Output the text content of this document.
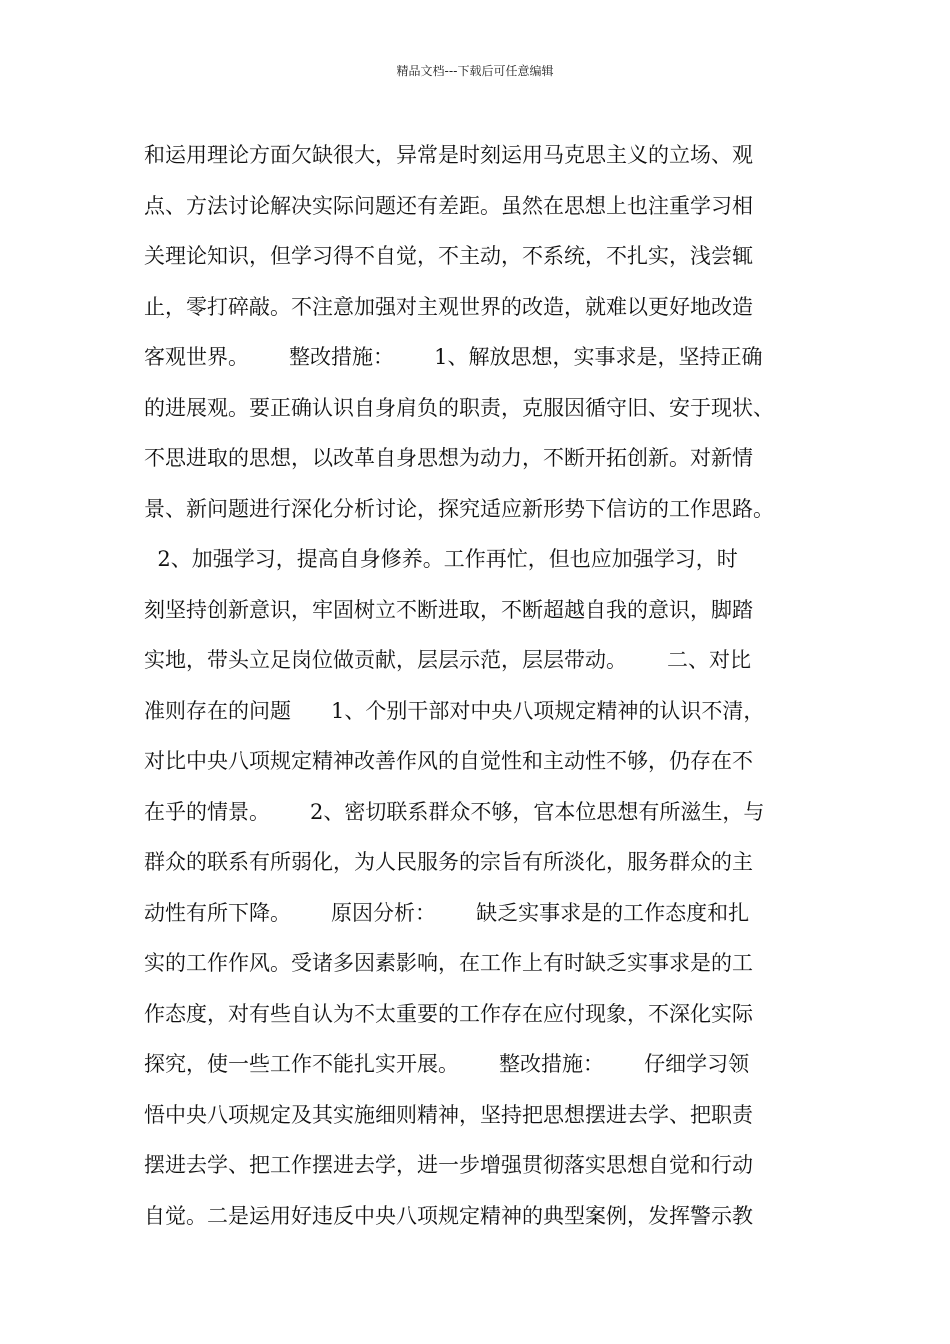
精品文档---下载后可任意编辑
和运用理论方面欠缺很大，异常是时刻运用马克思主义的立场、观
点、方法讨论解决实际问题还有差距。虽然在思想上也注重学习相
关理论知识，但学习得不自觉，不主动，不系统，不扎实，浅尝辄
止，零打碎敲。不注意加强对主观世界的改造，就难以更好地改造
客观世界。      整改措施：      1、解放思想，实事求是，坚持正确
的进展观。要正确认识自身肩负的职责，克服因循守旧、安于现状、
不思进取的思想，以改革自身思想为动力，不断开拓创新。对新情
景、新问题进行深化分析讨论，探究适应新形势下信访的工作思路。
2、加强学习，提高自身修养。工作再忙，但也应加强学习，时
刻坚持创新意识，牢固树立不断进取，不断超越自我的意识，脚踏
实地，带头立足岗位做贡献，层层示范，层层带动。      二、对比
准则存在的问题      1、个别干部对中央八项规定精神的认识不清，
对比中央八项规定精神改善作风的自觉性和主动性不够，仍存在不
在乎的情景。      2、密切联系群众不够，官本位思想有所滋生，与
群众的联系有所弱化，为人民服务的宗旨有所淡化，服务群众的主
动性有所下降。      原因分析：      缺乏实事求是的工作态度和扎
实的工作作风。受诸多因素影响，在工作上有时缺乏实事求是的工
作态度，对有些自认为不太重要的工作存在应付现象，不深化实际
探究，使一些工作不能扎实开展。      整改措施：      仔细学习领
悟中央八项规定及其实施细则精神，坚持把思想摆进去学、把职责
摆进去学、把工作摆进去学，进一步增强贯彻落实思想自觉和行动
自觉。二是运用好违反中央八项规定精神的典型案例，发挥警示教
